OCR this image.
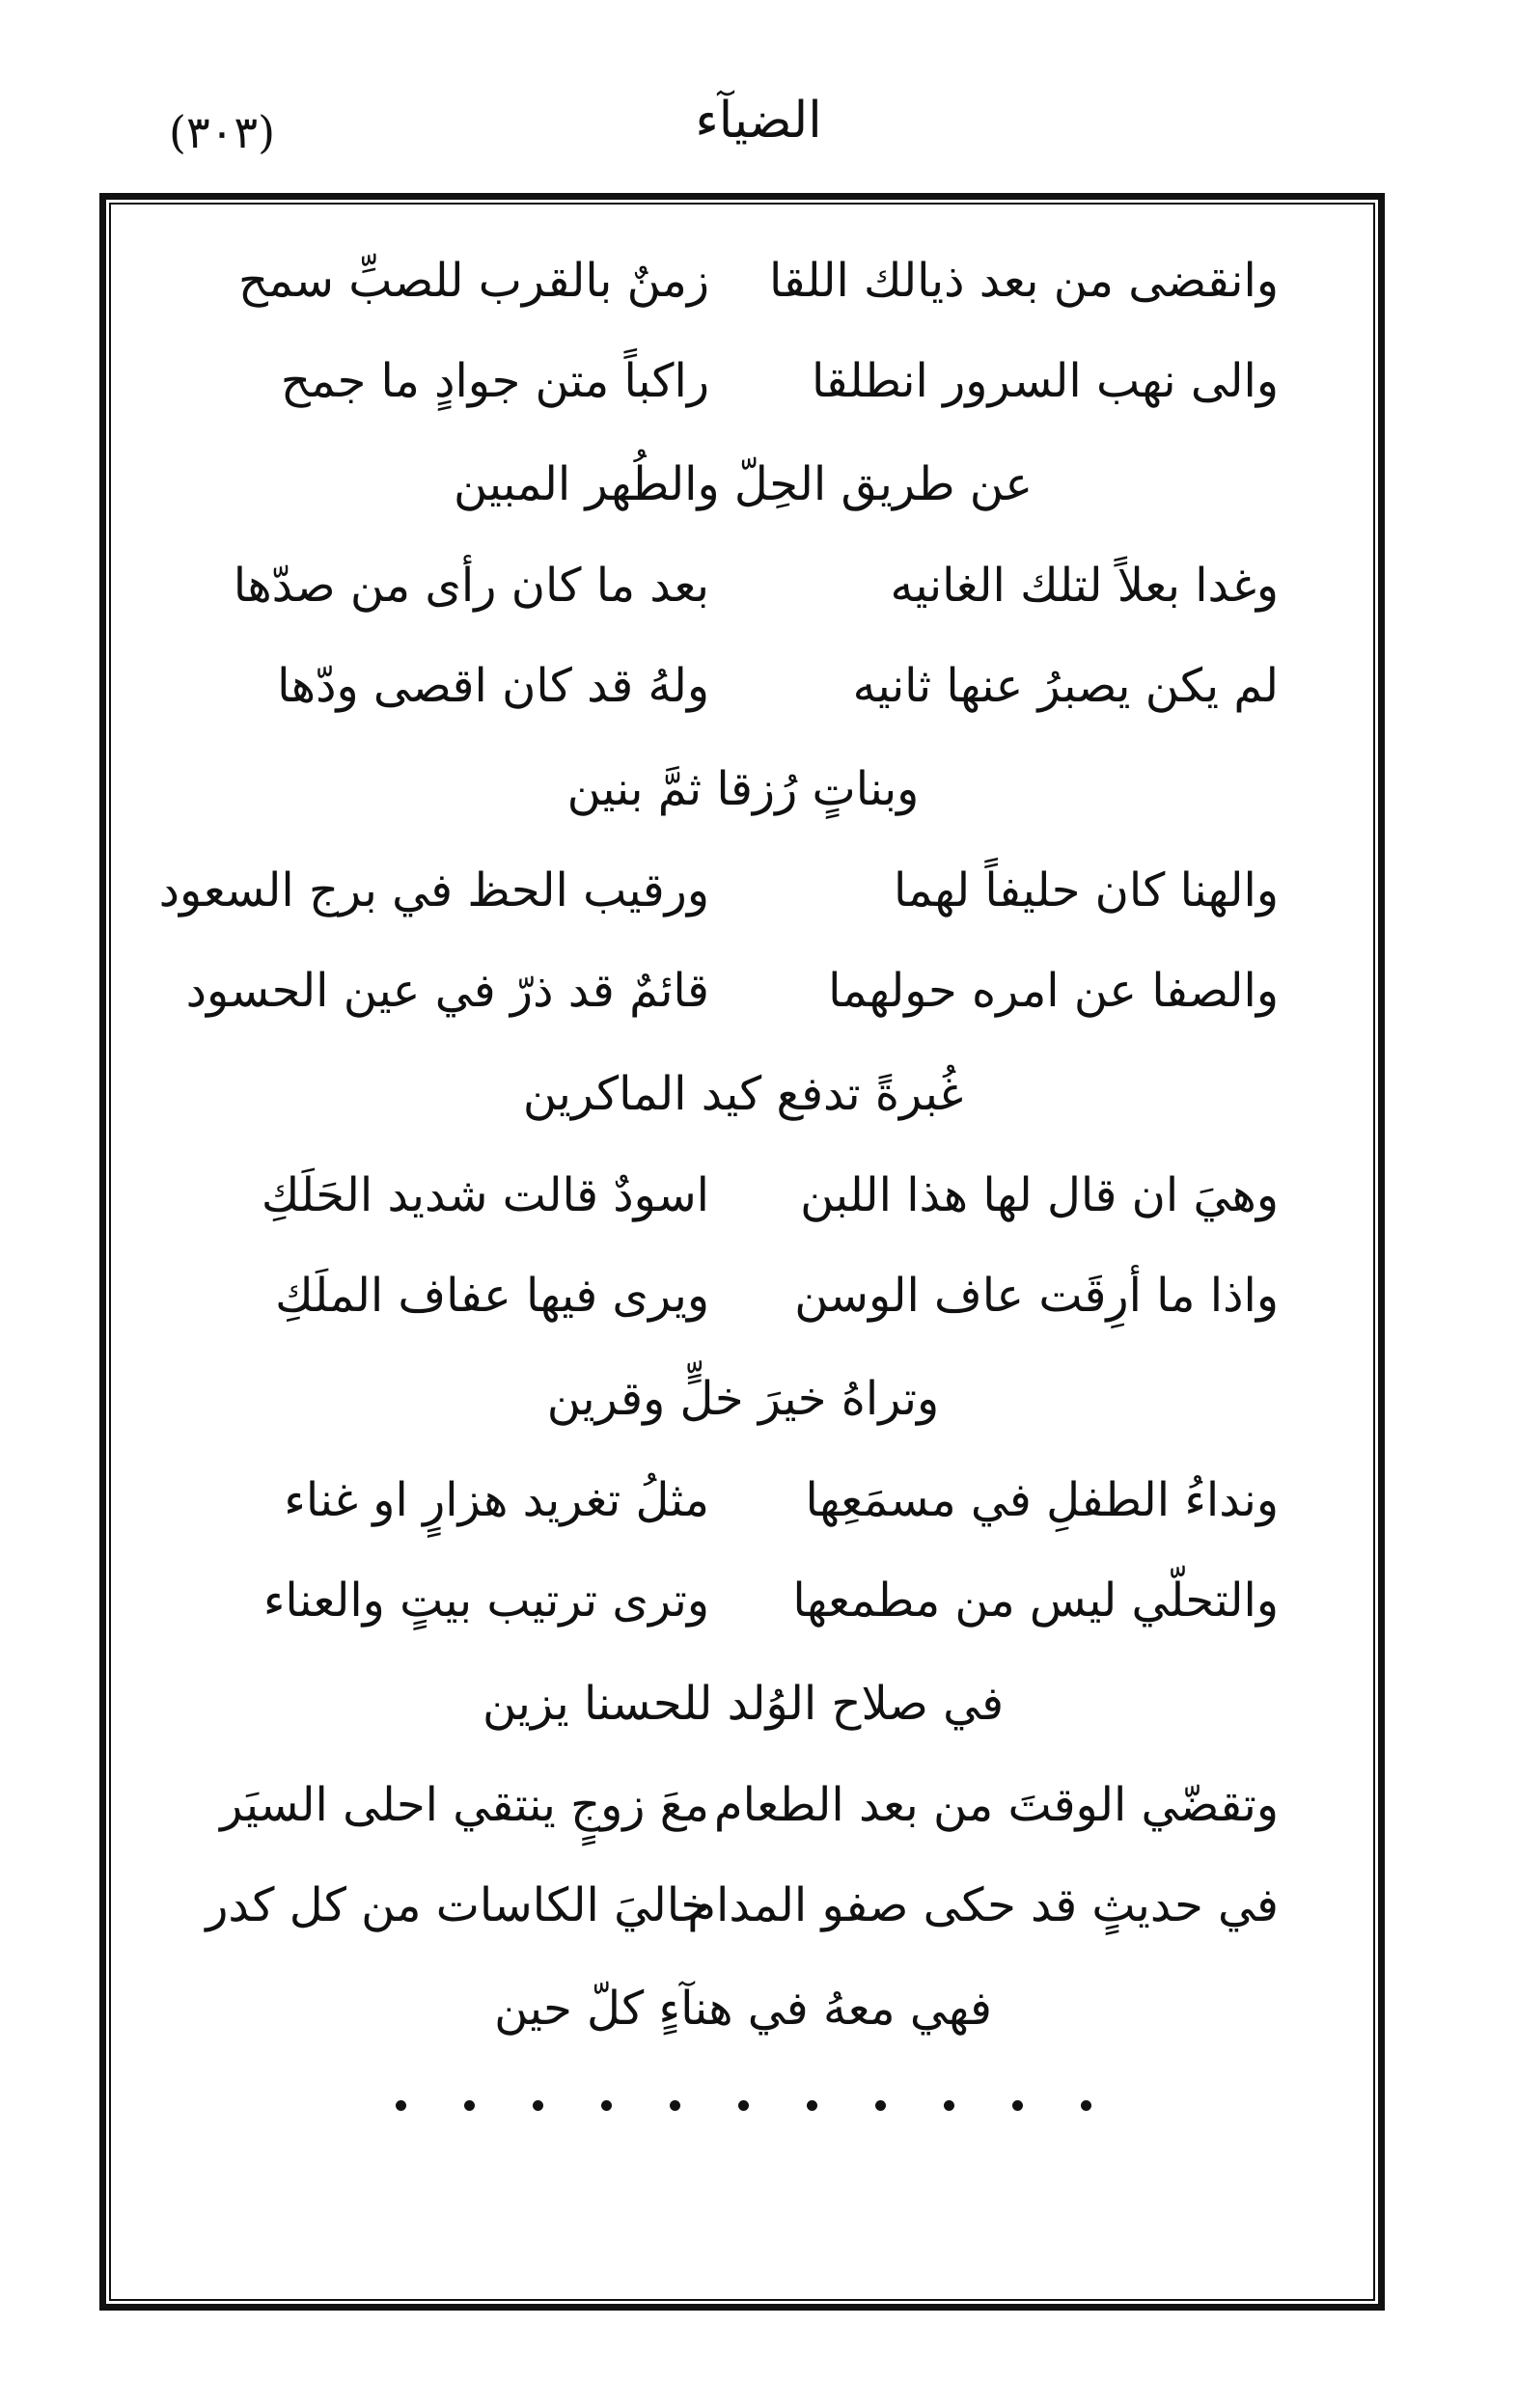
الضيآء
(٣٠٣)
وانقضى من بعد ذيالك اللقا
زمنٌ بالقرب للصبِّ سمح
والى نهب السرور انطلقا
راكباً متن جوادٍ ما جمح
عن طريق الحِلّ والطُهر المبين
وغدا بعلاً لتلك الغانيه
بعد ما كان رأى من صدّها
لم يكن يصبرُ عنها ثانيه
ولهُ قد كان اقصى ودّها
وبناتٍ رُزقا ثمَّ بنين
والهنا كان حليفاً لهما
ورقيب الحظ في برج السعود
والصفا عن امره حولهما
قائمٌ قد ذرّ في عين الحسود
غُبرةً تدفع كيد الماكرين
وهيَ ان قال لها هذا اللبن
اسودٌ قالت شديد الحَلَكِ
واذا ما أرِقَت عاف الوسن
ويرى فيها عفاف الملَكِ
وتراهُ خيرَ خلٍّ وقرين
ونداءُ الطفلِ في مسمَعِها
مثلُ تغريد هزارٍ او غناء
والتحلّي ليس من مطمعها
وترى ترتيب بيتٍ والعناء
في صلاح الوُلد للحسنا يزين
وتقضّي الوقتَ من بعد الطعام
معَ زوجٍ ينتقي احلى السيَر
في حديثٍ قد حكى صفو المدام
خاليَ الكاسات من كل كدر
فهي معهُ في هنآءٍ كلّ حين
